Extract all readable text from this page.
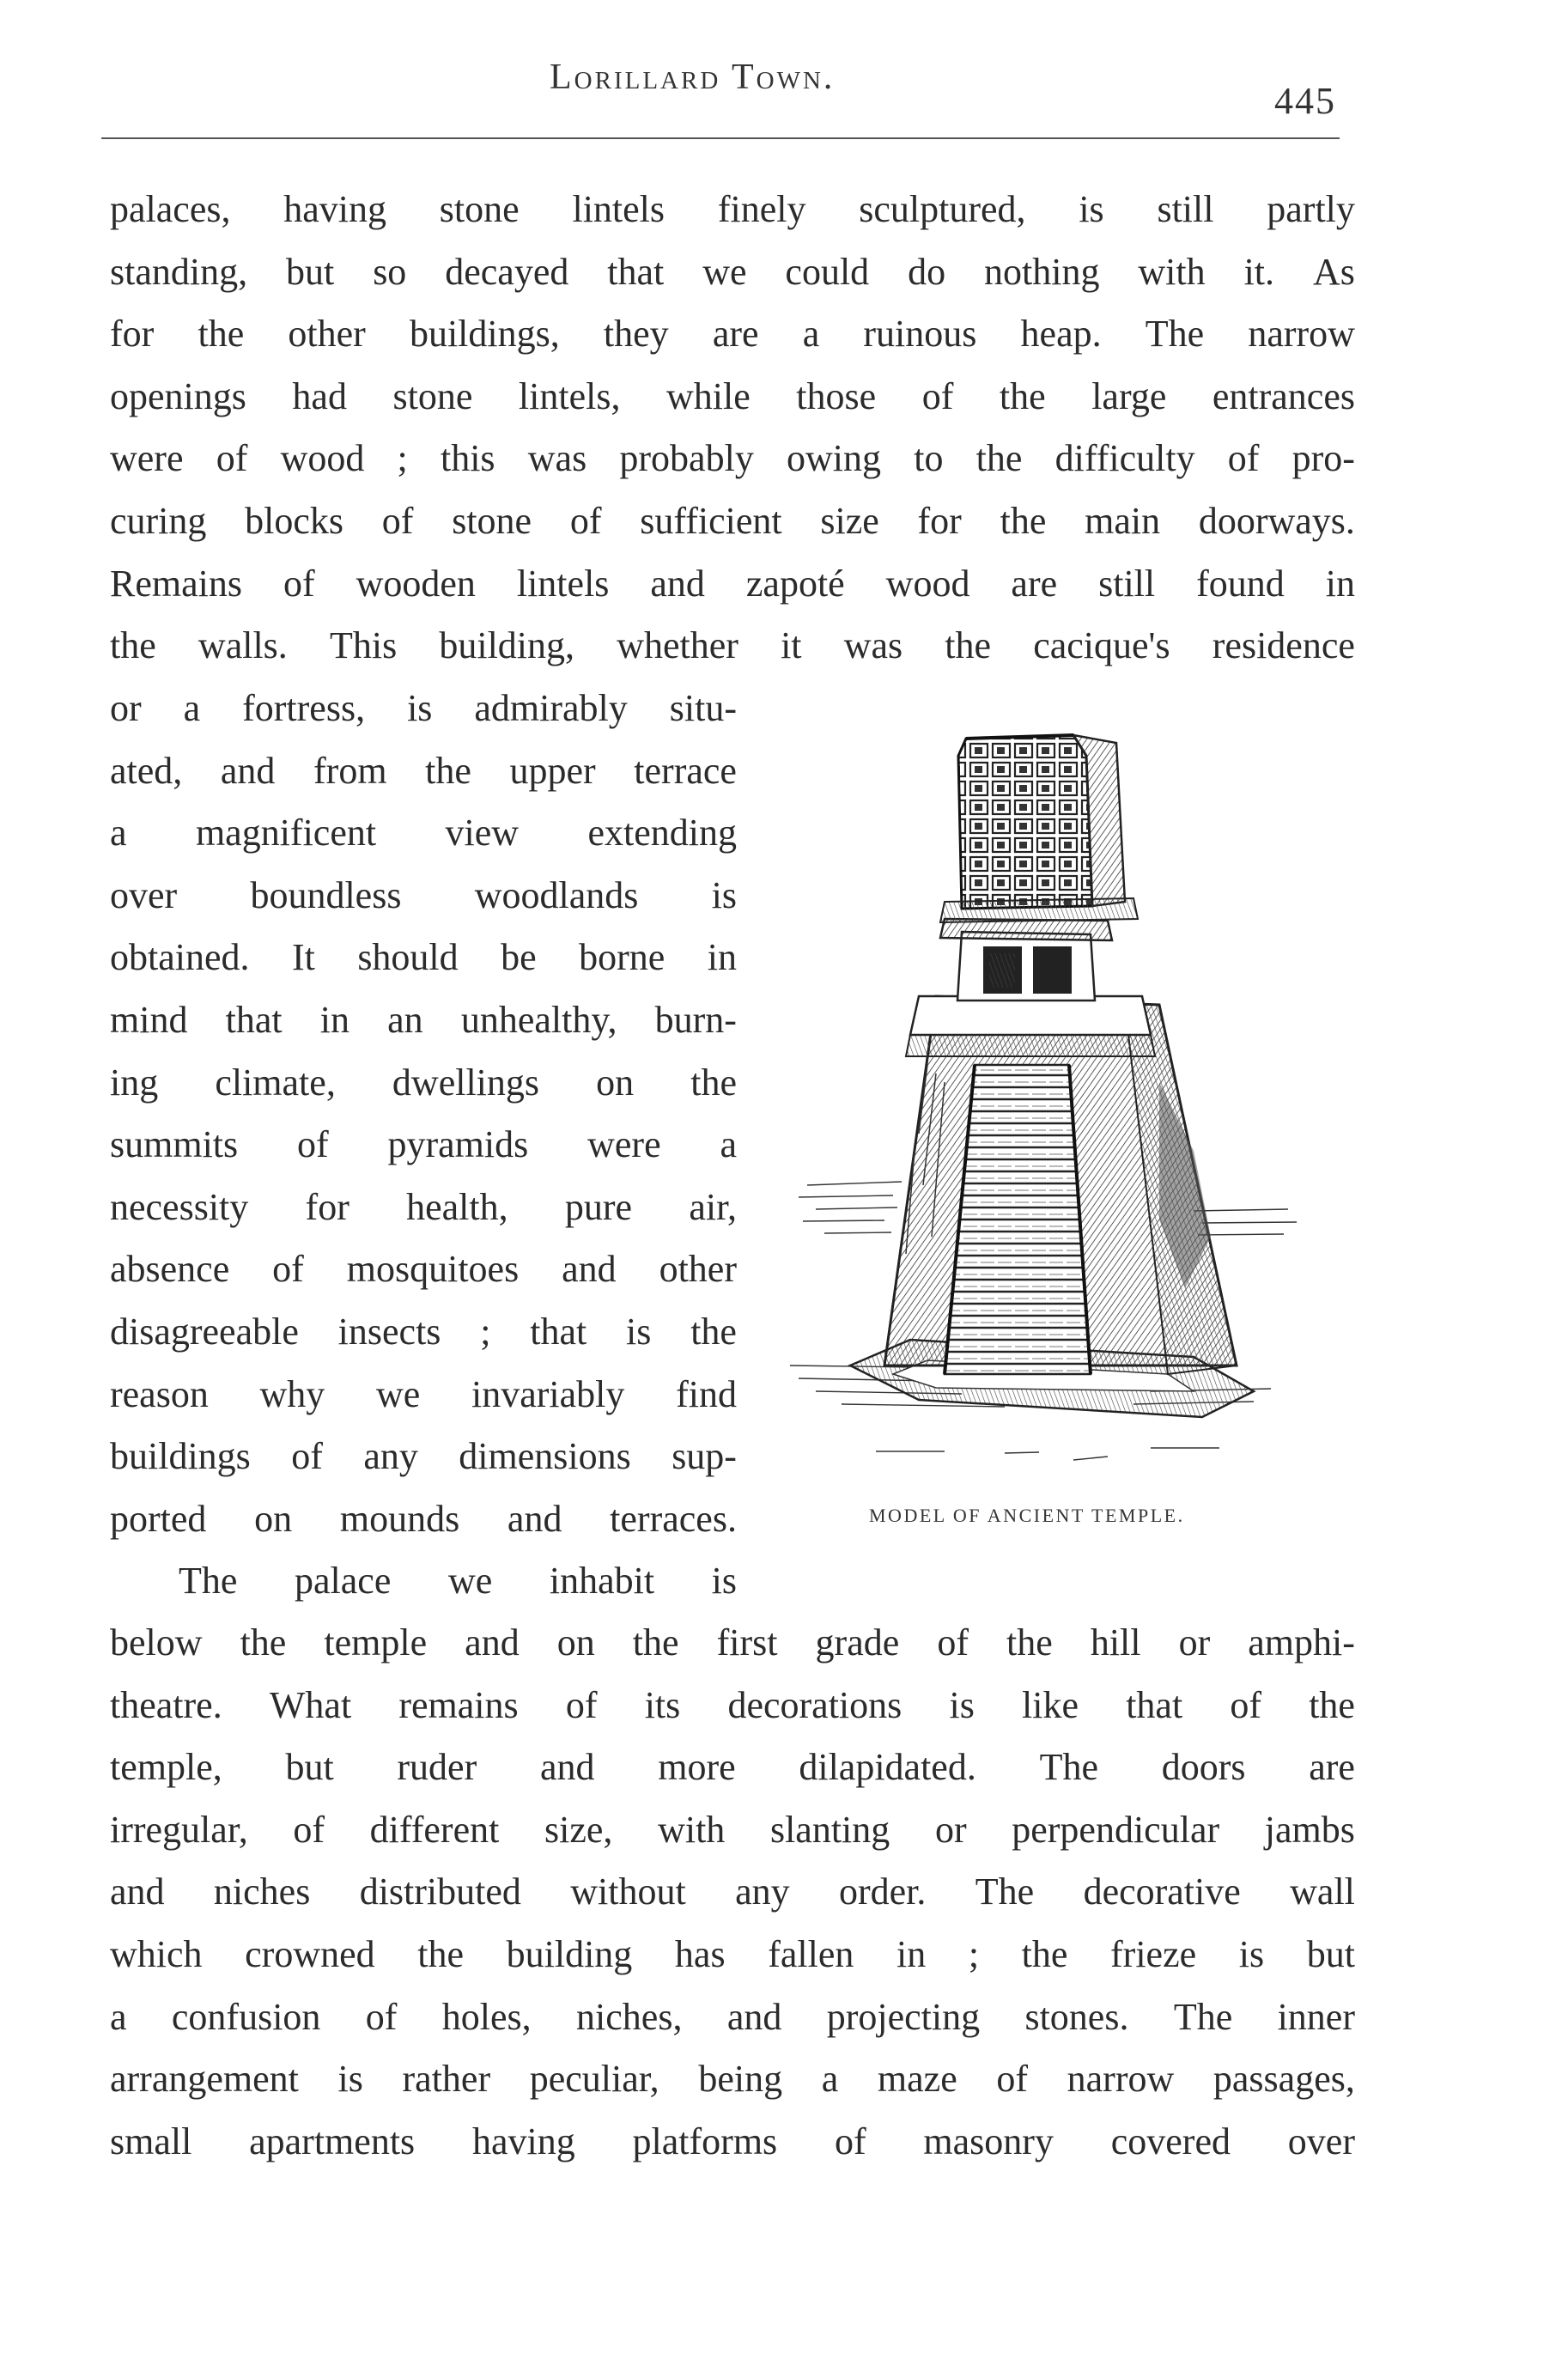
Lorillard Town.
445
palaces, having stone lintels finely sculptured, is still partly
standing, but so decayed that we could do nothing with it. As
for the other buildings, they are a ruinous heap. The narrow
openings had stone lintels, while those of the large entrances
were of wood ; this was probably owing to the difficulty of pro-
curing blocks of stone of sufficient size for the main doorways.
Remains of wooden lintels and zapoté wood are still found in
the walls. This building, whether it was the cacique's residence
or a fortress, is admirably situ-
ated, and from the upper terrace
a magnificent view extending
over boundless woodlands is
obtained. It should be borne in
mind that in an unhealthy, burn-
ing climate, dwellings on the
summits of pyramids were a
necessity for health, pure air,
absence of mosquitoes and other
disagreeable insects ; that is the
reason why we invariably find
buildings of any dimensions sup-
ported on mounds and terraces.
The palace we inhabit is
MODEL OF ANCIENT TEMPLE.
below the temple and on the first grade of the hill or amphi-
theatre. What remains of its decorations is like that of the
temple, but ruder and more dilapidated. The doors are
irregular, of different size, with slanting or perpendicular jambs
and niches distributed without any order. The decorative wall
which crowned the building has fallen in ; the frieze is but
a confusion of holes, niches, and projecting stones. The inner
arrangement is rather peculiar, being a maze of narrow passages,
small apartments having platforms of masonry covered over
